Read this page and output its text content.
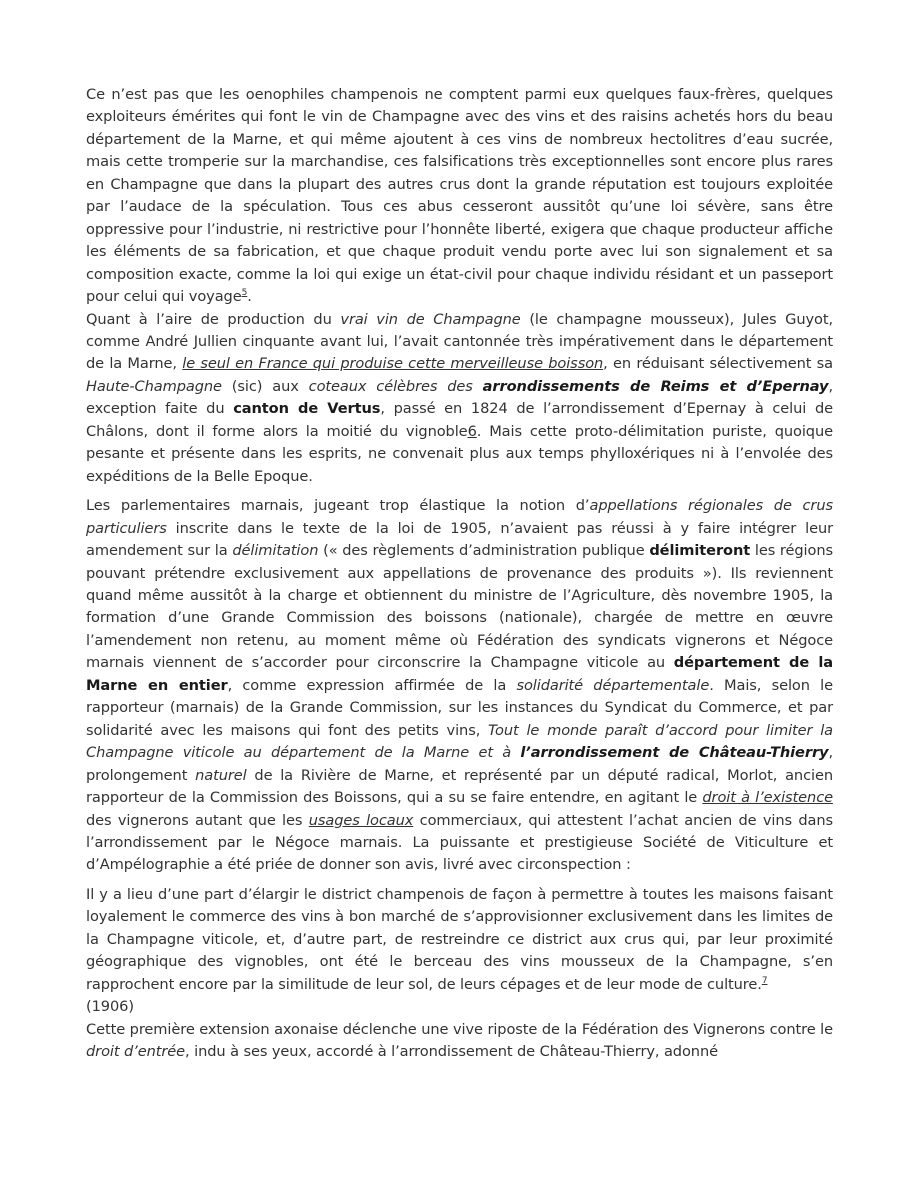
Ce n’est pas que les oenophiles champenois ne comptent parmi eux quelques faux-frères, quelques exploiteurs émérites qui font le vin de Champagne avec des vins et des raisins achetés hors du beau département de la Marne, et qui même ajoutent à ces vins de nombreux hectolitres d’eau sucrée, mais cette tromperie sur la marchandise, ces falsifications très exceptionnelles sont encore plus rares en Champagne que dans la plupart des autres crus dont la grande réputation est toujours exploitée par l’audace de la spéculation. Tous ces abus cesseront aussitôt qu’une loi sévère, sans être oppressive pour l’industrie, ni restrictive pour l’honnête liberté, exigera que chaque producteur affiche les éléments de sa fabrication, et que chaque produit vendu porte avec lui son signalement et sa composition exacte, comme la loi qui exige un état-civil pour chaque individu résidant et un passeport pour celui qui voyage$^5$.

Quant à l’aire de production du vrai vin de Champagne (le champagne mousseux), Jules Guyot, comme André Jullien cinquante avant lui, l’avait cantonnée très impérativement dans le département de la Marne, le seul en France qui produise cette merveilleuse boisson, en réduisant sélectivement sa Haute-Champagne (sic) aux coteaux célèbres des arrondissements de Reims et d’Epernay, exception faite du canton de Vertus, passé en 1824 de l’arrondissement d’Epernay à celui de Châlons, dont il forme alors la moitié du vignoble6. Mais cette proto-délimitation puriste, quoique pesante et présente dans les esprits, ne convenait plus aux temps phylloxériques ni à l’envolée des expéditions de la Belle Epoque.

Les parlementaires marnais, jugeant trop élastique la notion d’appellations régionales de crus particuliers inscrite dans le texte de la loi de 1905, n’avaient pas réussi à y faire intégrer leur amendement sur la délimitation (« des règlements d’administration publique délimiteront les régions pouvant prétendre exclusivement aux appellations de provenance des produits »). Ils reviennent quand même aussitôt à la charge et obtiennent du ministre de l’Agriculture, dès novembre 1905, la formation d’une Grande Commission des boissons (nationale), chargée de mettre en œuvre l’amendement non retenu, au moment même où Fédération des syndicats vignerons et Négoce marnais viennent de s’accorder pour circonscrire la Champagne viticole au département de la Marne en entier, comme expression affirmée de la solidarité départementale. Mais, selon le rapporteur (marnais) de la Grande Commission, sur les instances du Syndicat du Commerce, et par solidarité avec les maisons qui font des petits vins, Tout le monde paraît d’accord pour limiter la Champagne viticole au département de la Marne et à l’arrondissement de Château-Thierry, prolongement naturel de la Rivière de Marne, et représenté par un député radical, Morlot, ancien rapporteur de la Commission des Boissons, qui a su se faire entendre, en agitant le droit à l’existence des vignerons autant que les usages locaux commerciaux, qui attestent l’achat ancien de vins dans l’arrondissement par le Négoce marnais. La puissante et prestigieuse Société de Viticulture et d’Ampélographie a été priée de donner son avis, livré avec circonspection :

Il y a lieu d’une part d’élargir le district champenois de façon à permettre à toutes les maisons faisant loyalement le commerce des vins à bon marché de s’approvisionner exclusivement dans les limites de la Champagne viticole, et, d’autre part, de restreindre ce district aux crus qui, par leur proximité géographique des vignobles, ont été le berceau des vins mousseux de la Champagne, s’en rapprochent encore par la similitude de leur sol, de leurs cépages et de leur mode de culture.$^7$
(1906)

Cette première extension axonaise déclenche une vive riposte de la Fédération des Vignerons contre le droit d’entrée, indu à ses yeux, accordé à l’arrondissement de Château-Thierry, adonné
